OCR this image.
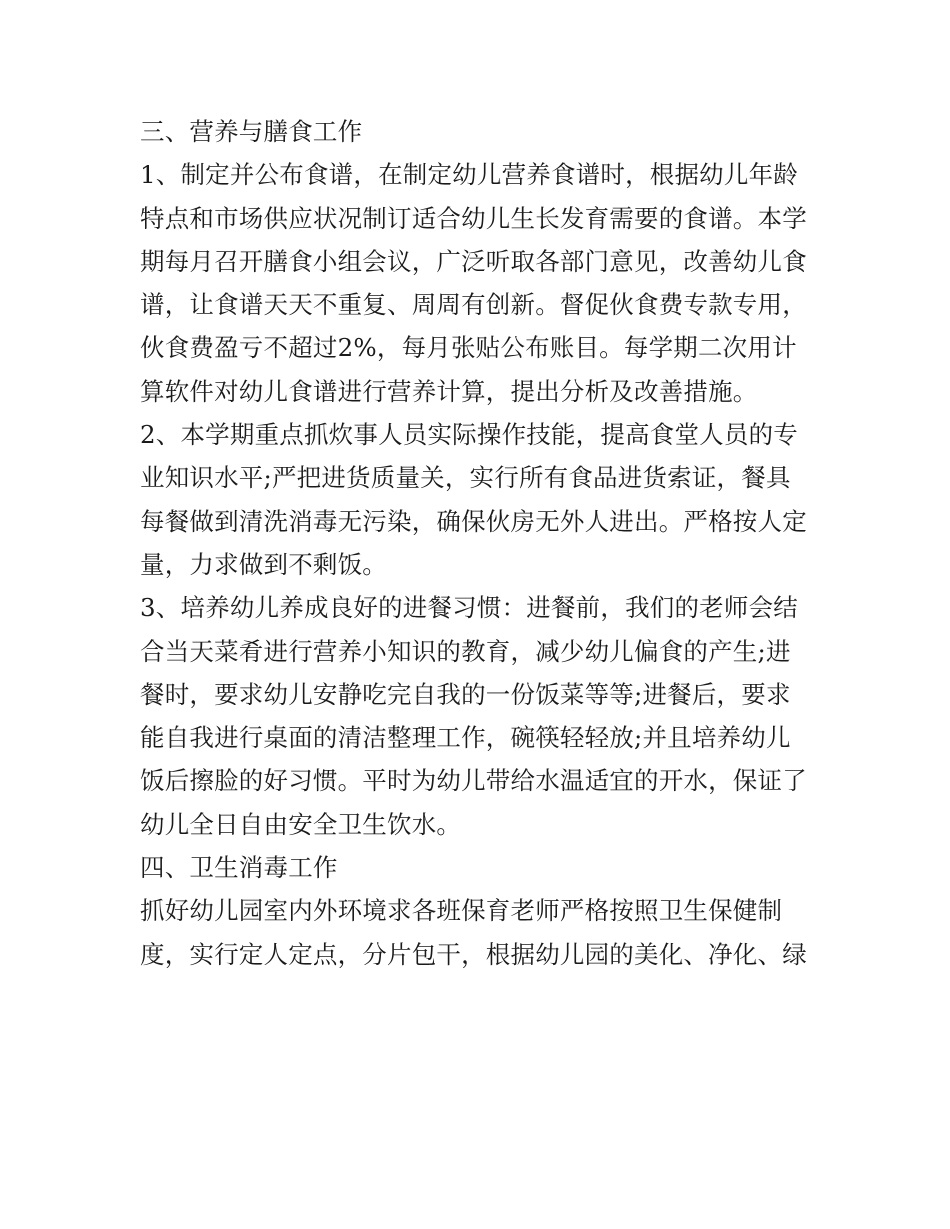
三、营养与膳食工作

1、制定并公布食谱，在制定幼儿营养食谱时，根据幼儿年龄

特点和市场供应状况制订适合幼儿生长发育需要的食谱。本学

期每月召开膳食小组会议，广泛听取各部门意见，改善幼儿食

谱，让食谱天天不重复、周周有创新。督促伙食费专款专用，

伙食费盈亏不超过2%，每月张贴公布账目。每学期二次用计

算软件对幼儿食谱进行营养计算，提出分析及改善措施。

2、本学期重点抓炊事人员实际操作技能，提高食堂人员的专

业知识水平;严把进货质量关，实行所有食品进货索证，餐具

每餐做到清洗消毒无污染，确保伙房无外人进出。严格按人定

量，力求做到不剩饭。

3、培养幼儿养成良好的进餐习惯：进餐前，我们的老师会结

合当天菜肴进行营养小知识的教育，减少幼儿偏食的产生;进

餐时，要求幼儿安静吃完自我的一份饭菜等等;进餐后，要求

能自我进行桌面的清洁整理工作，碗筷轻轻放;并且培养幼儿

饭后擦脸的好习惯。平时为幼儿带给水温适宜的开水，保证了

幼儿全日自由安全卫生饮水。

四、卫生消毒工作

抓好幼儿园室内外环境求各班保育老师严格按照卫生保健制

度，实行定人定点，分片包干，根据幼儿园的美化、净化、绿
